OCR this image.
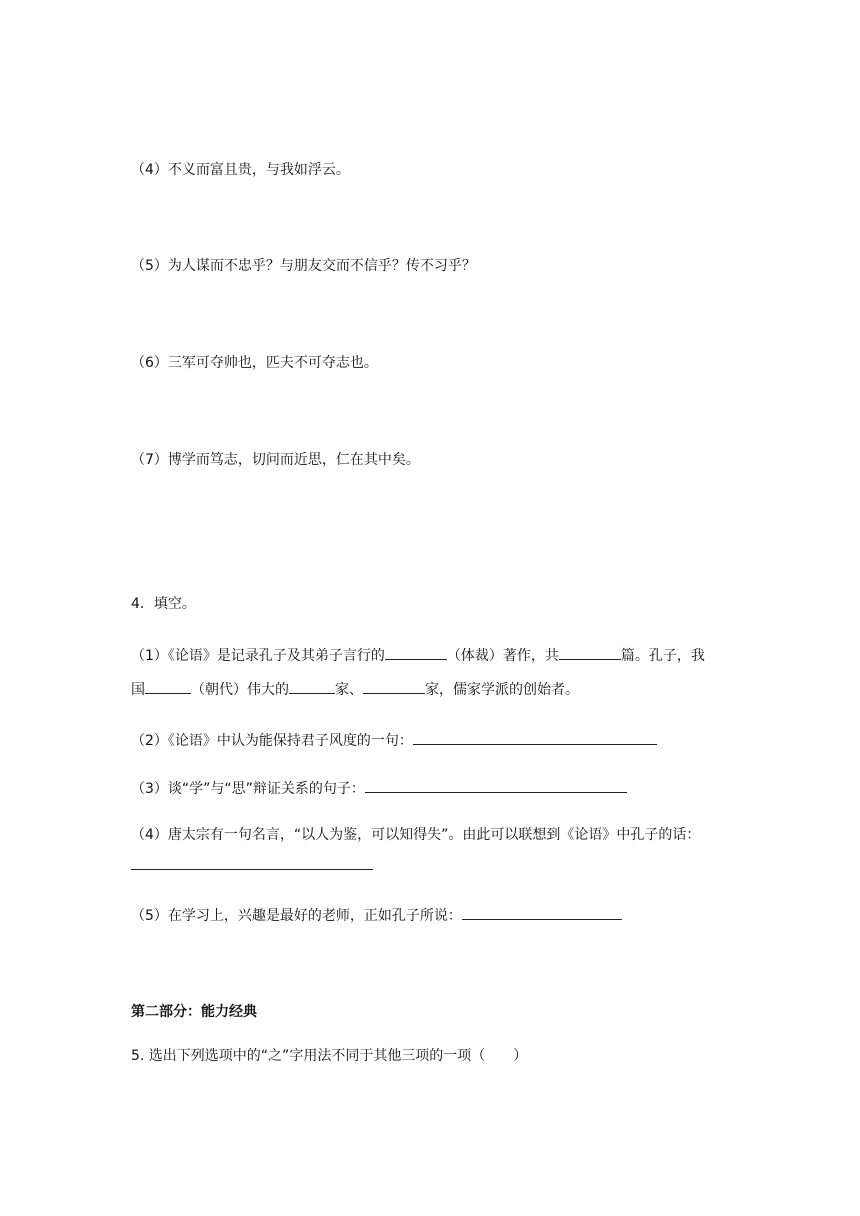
（4）不义而富且贵，与我如浮云。
（5）为人谋而不忠乎？与朋友交而不信乎？传不习乎？
（6）三军可夺帅也，匹夫不可夺志也。
（7）博学而笃志，切问而近思，仁在其中矣。
4．填空。
（1）《论语》是记录孔子及其弟子言行的	（体裁）著作，共	篇。孔子，我
国	（朝代）伟大的	家、	家，儒家学派的创始者。
（2）《论语》中认为能保持君子风度的一句：
（3）谈“学”与“思”辩证关系的句子：
（4）唐太宗有一句名言，“以人为鉴，可以知得失”。由此可以联想到《论语》中孔子的话：
（5）在学习上，兴趣是最好的老师，正如孔子所说：
第二部分：能力经典
5. 选出下列选项中的“之”字用法不同于其他三项的一项（　　）
